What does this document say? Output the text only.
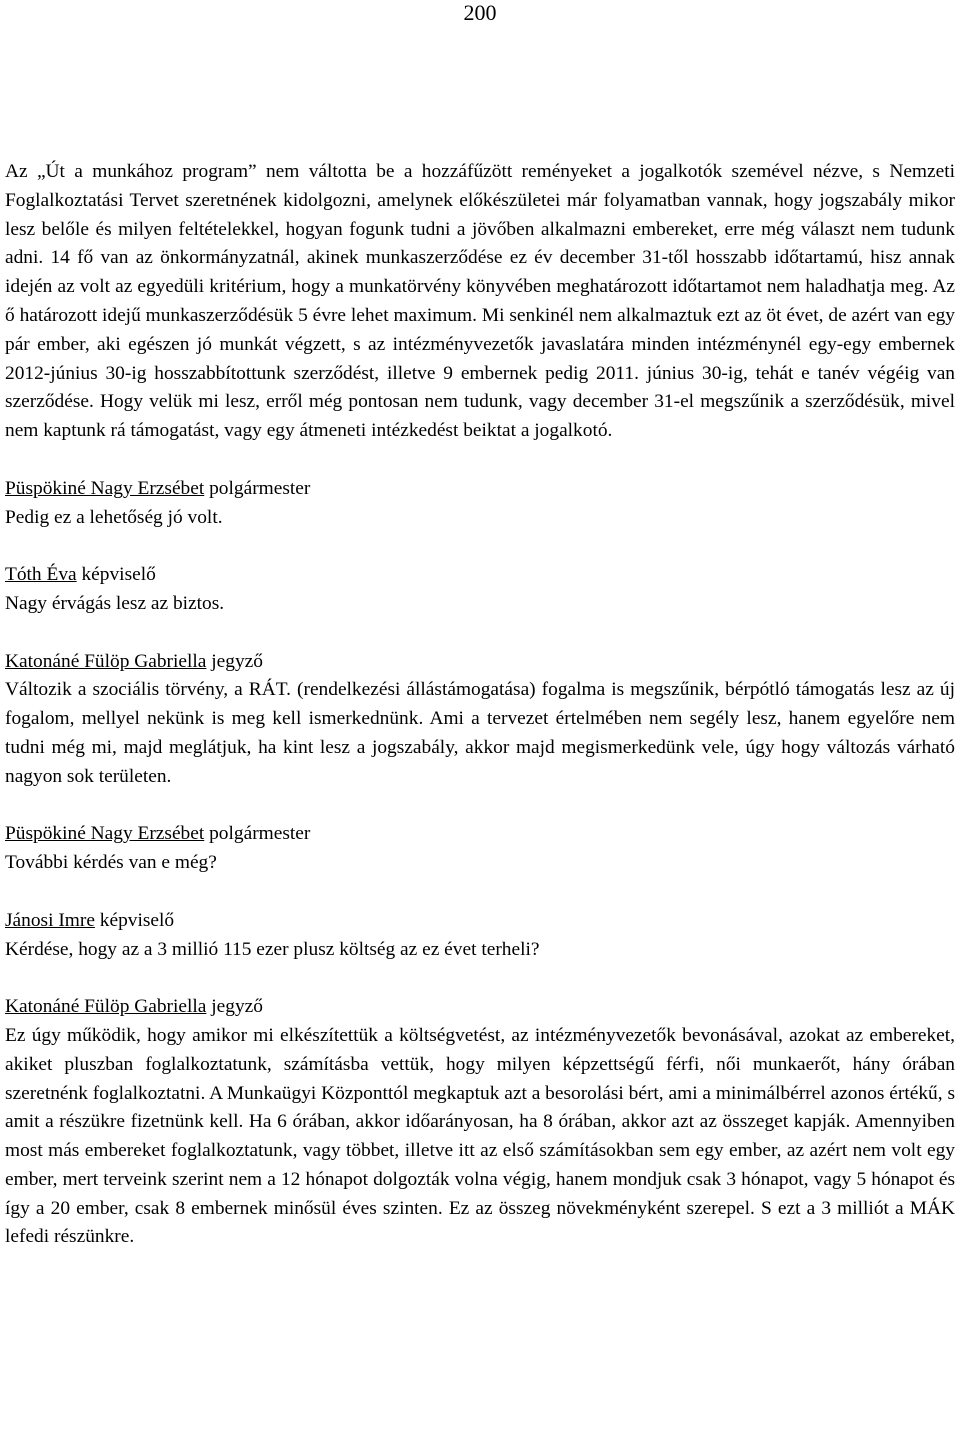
200

Az „Út a munkához program” nem váltotta be a hozzáfűzött reményeket a jogalkotók szemével nézve, s Nemzeti Foglalkoztatási Tervet szeretnének kidolgozni, amelynek előkészületei már folyamatban vannak, hogy jogszabály mikor lesz belőle és milyen feltételekkel, hogyan fogunk tudni a jövőben alkalmazni embereket, erre még választ nem tudunk adni. 14 fő van az önkormányzatnál, akinek munkaszerződése ez év december 31-től hosszabb időtartamú, hisz annak idején az volt az egyedüli kritérium, hogy a munkatörvény könyvében meghatározott időtartamot nem haladhatja meg. Az ő határozott idejű munkaszerződésük 5 évre lehet maximum. Mi senkinél nem alkalmaztuk ezt az öt évet, de azért van egy pár ember, aki egészen jó munkát végzett, s az intézményvezetők javaslatára minden intézménynél egy-egy embernek 2012-június 30-ig hosszabbítottunk szerződést, illetve 9 embernek pedig 2011. június 30-ig, tehát e tanév végéig van szerződése. Hogy velük mi lesz, erről még pontosan nem tudunk, vagy december 31-el megszűnik a szerződésük, mivel nem kaptunk rá támogatást, vagy egy átmeneti intézkedést beiktat a jogalkotó.

Püspökiné Nagy Erzsébet polgármester

Pedig ez a lehetőség jó volt.

Tóth Éva képviselő

Nagy érvágás lesz az biztos.

Katonáné Fülöp Gabriella jegyző

Változik a szociális törvény, a RÁT. (rendelkezési állástámogatása) fogalma is megszűnik, bérpótló támogatás lesz az új fogalom, mellyel nekünk is meg kell ismerkednünk. Ami a tervezet értelmében nem segély lesz, hanem egyelőre nem tudni még mi, majd meglátjuk, ha kint lesz a jogszabály, akkor majd megismerkedünk vele, úgy hogy változás várható nagyon sok területen.

Püspökiné Nagy Erzsébet polgármester

További kérdés van e még?

Jánosi Imre képviselő

Kérdése, hogy az a 3 millió 115 ezer plusz költség az ez évet terheli?

Katonáné Fülöp Gabriella jegyző

Ez úgy működik, hogy amikor mi elkészítettük a költségvetést, az intézményvezetők bevonásával, azokat az embereket, akiket pluszban foglalkoztatunk, számításba vettük, hogy milyen képzettségű férfi, női munkaerőt, hány órában szeretnénk foglalkoztatni. A Munkaügyi Központtól megkaptuk azt a besorolási bért, ami a minimálbérrel azonos értékű, s amit a részükre fizetnünk kell. Ha 6 órában, akkor időarányosan, ha 8 órában, akkor azt az összeget kapják. Amennyiben most más embereket foglalkoztatunk, vagy többet, illetve itt az első számításokban sem egy ember, az azért nem volt egy ember, mert terveink szerint nem a 12 hónapot dolgozták volna végig, hanem mondjuk csak 3 hónapot, vagy 5 hónapot és így a 20 ember, csak 8 embernek minősül éves szinten. Ez az összeg növekményként szerepel. S ezt a 3 milliót a MÁK lefedi részünkre.
